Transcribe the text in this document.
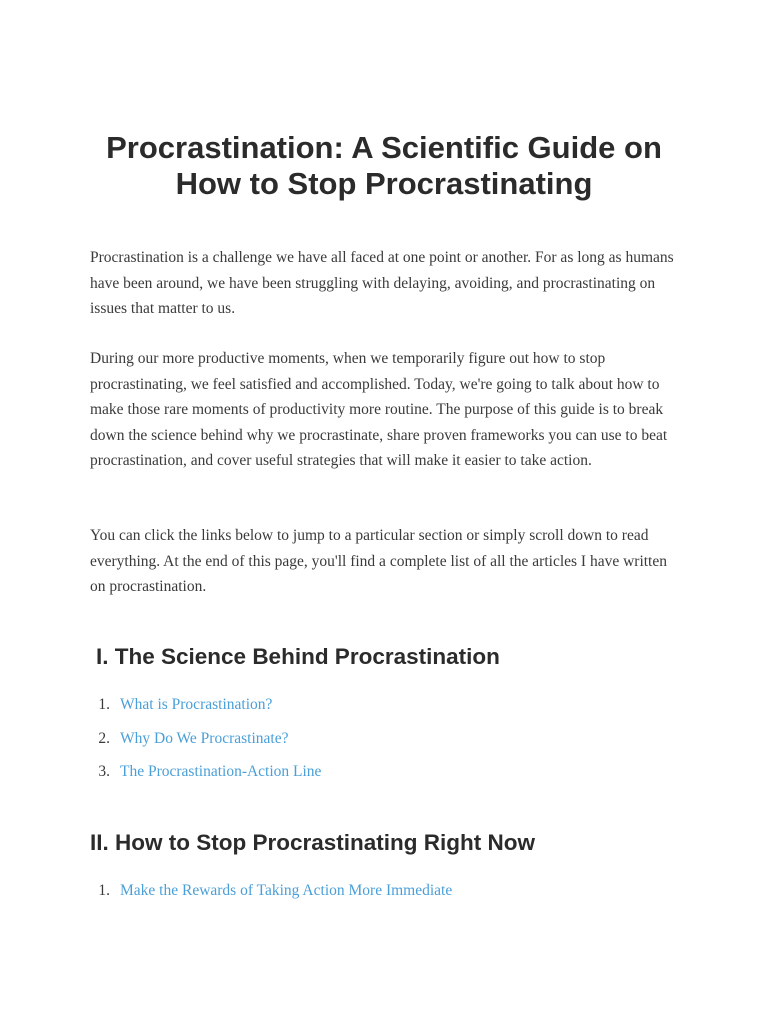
Procrastination: A Scientific Guide on How to Stop Procrastinating

Procrastination is a challenge we have all faced at one point or another. For as long as humans have been around, we have been struggling with delaying, avoiding, and procrastinating on issues that matter to us.

During our more productive moments, when we temporarily figure out how to stop procrastinating, we feel satisfied and accomplished. Today, we're going to talk about how to make those rare moments of productivity more routine. The purpose of this guide is to break down the science behind why we procrastinate, share proven frameworks you can use to beat procrastination, and cover useful strategies that will make it easier to take action.

You can click the links below to jump to a particular section or simply scroll down to read everything. At the end of this page, you'll find a complete list of all the articles I have written on procrastination.

I. The Science Behind Procrastination
1. What is Procrastination?
2. Why Do We Procrastinate?
3. The Procrastination-Action Line
II. How to Stop Procrastinating Right Now
1. Make the Rewards of Taking Action More Immediate
